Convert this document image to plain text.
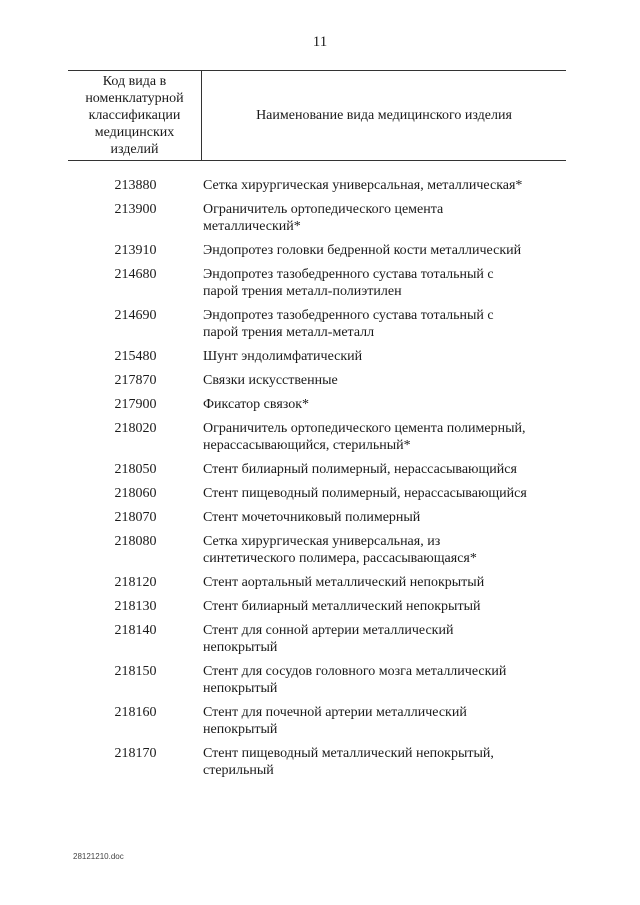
11
Код вида в
номенклатурной
классификации
медицинских
изделий
Наименование вида медицинского изделия
213880	Сетка хирургическая универсальная, металлическая*
213900	Ограничитель ортопедического цемента
металлический*
213910	Эндопротез головки бедренной кости металлический
214680	Эндопротез тазобедренного сустава тотальный с
парой трения металл-полиэтилен
214690	Эндопротез тазобедренного сустава тотальный с
парой трения металл-металл
215480	Шунт эндолимфатический
217870	Связки искусственные
217900	Фиксатор связок*
218020	Ограничитель ортопедического цемента полимерный,
нерассасывающийся, стерильный*
218050	Стент билиарный полимерный, нерассасывающийся
218060	Стент пищеводный полимерный, нерассасывающийся
218070	Стент мочеточниковый полимерный
218080	Сетка хирургическая универсальная, из
синтетического полимера, рассасывающаяся*
218120	Стент аортальный металлический непокрытый
218130	Стент билиарный металлический непокрытый
218140	Стент для сонной артерии металлический
непокрытый
218150	Стент для сосудов головного мозга металлический
непокрытый
218160	Стент для почечной артерии металлический
непокрытый
218170	Стент пищеводный металлический непокрытый,
стерильный
28121210.doc
